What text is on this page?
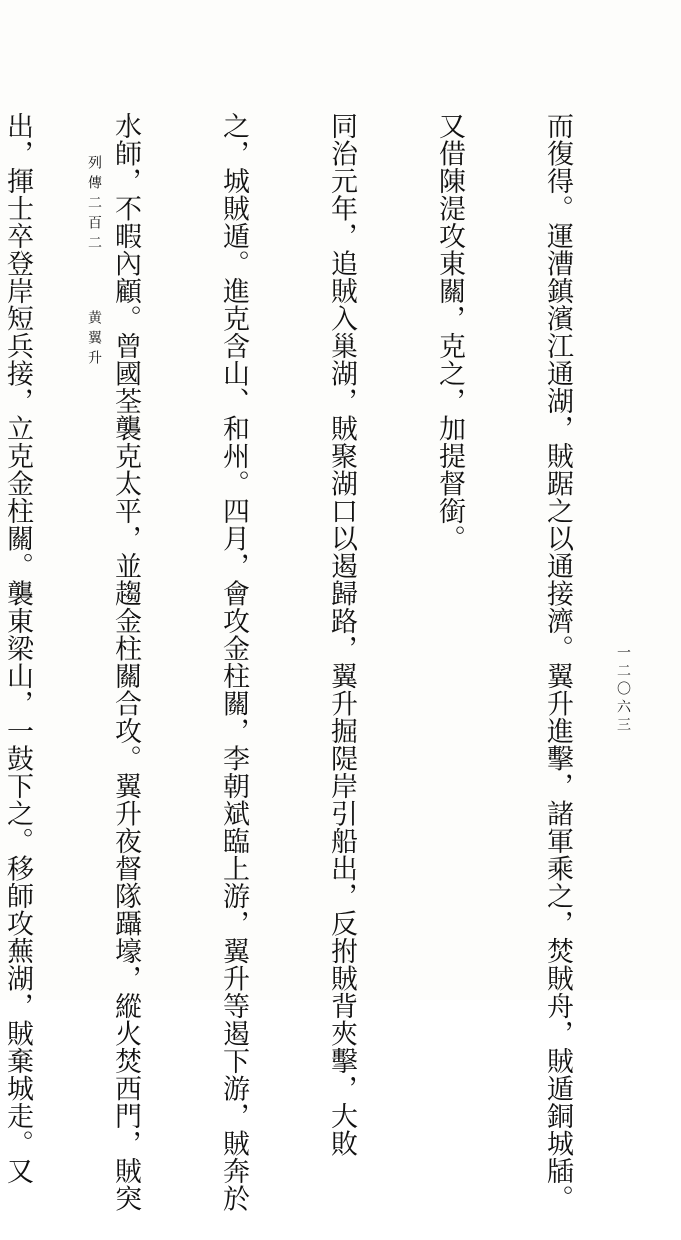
而復得。運漕鎮濱江通湖，賊踞之以通接濟。翼升進擊，諸軍乘之，焚賊舟，賊遁銅城牐。

又借陳湜攻東關，克之，加提督銜。

同治元年，追賊入巢湖，賊聚湖口以遏歸路，翼升掘隄岸引船出，反拊賊背夾擊，大敗

之，城賊遁。進克含山、和州。四月，會攻金柱關，李朝斌臨上游，翼升等遏下游，賊奔於

水師，不暇內顧。曾國荃襲克太平，並趨金柱關合攻。翼升夜督隊躡壕，縱火焚西門，賊突

出，揮士卒登岸短兵接，立克金柱關。襲東梁山，一鼓下之。移師攻蕪湖，賊棄城走。又

	列傳二百二黄翼升
一二〇六三
